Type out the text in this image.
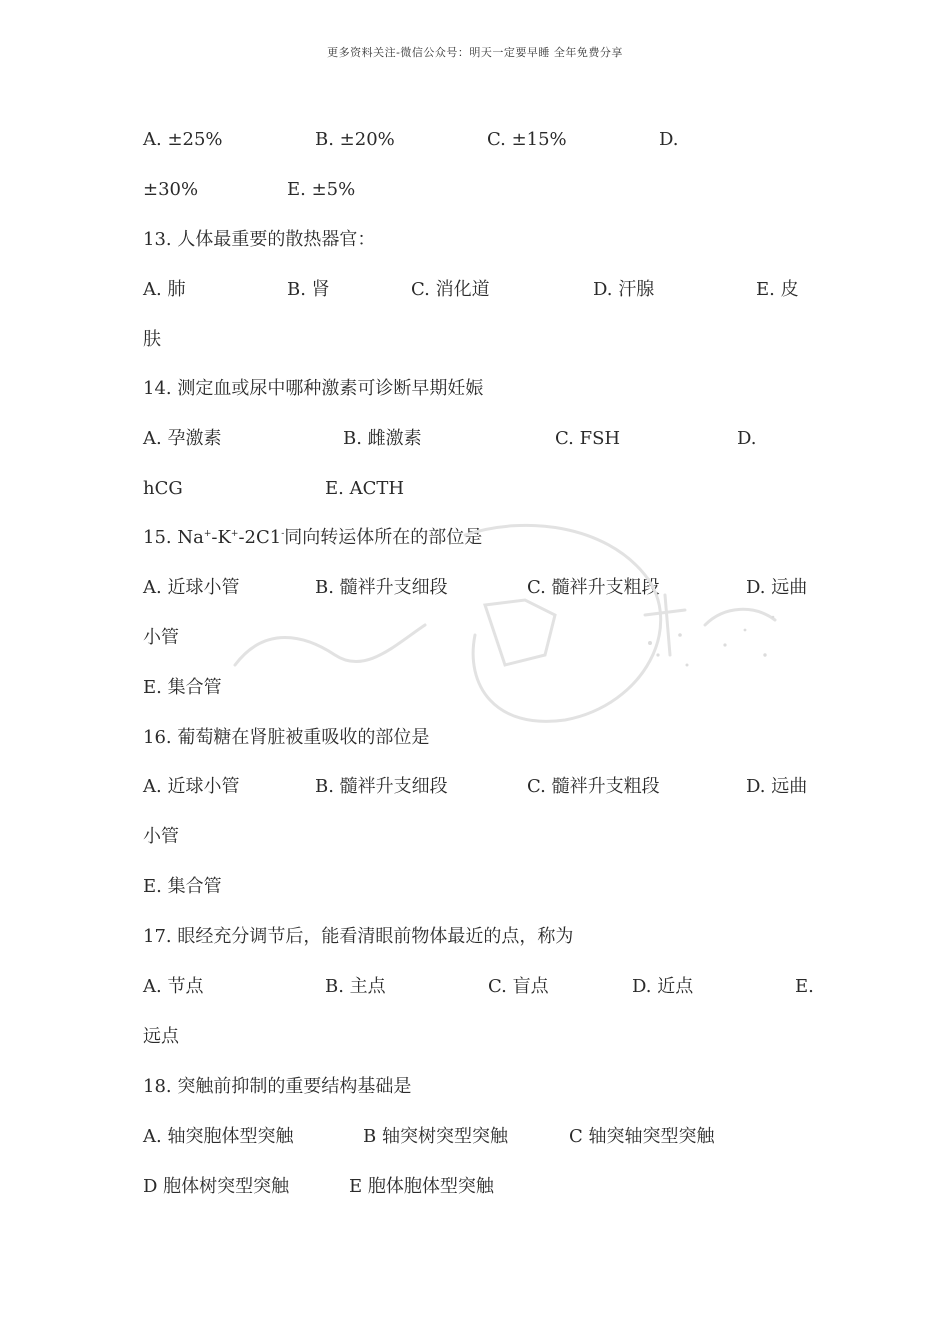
更多资料关注-微信公众号：明天一定要早睡 全年免费分享
A. ±25%	B. ±20%	C. ±15%	D.
±30%	E. ±5%
13. 人体最重要的散热器官：
A. 肺	B. 肾	C. 消化道	D. 汗腺	E. 皮
肤
14. 测定血或尿中哪种激素可诊断早期妊娠
A. 孕激素	B. 雌激素	C. FSH	D.
hCG	E. ACTH
15. Na+-K+-2C1-同向转运体所在的部位是
A. 近球小管	B. 髓袢升支细段	C. 髓袢升支粗段	D. 远曲
小管
E. 集合管
16. 葡萄糖在肾脏被重吸收的部位是
A. 近球小管	B. 髓袢升支细段	C. 髓袢升支粗段	D. 远曲
小管
E. 集合管
17. 眼经充分调节后，能看清眼前物体最近的点，称为
A. 节点	B. 主点	C. 盲点	D. 近点	E.
远点
18. 突触前抑制的重要结构基础是
A. 轴突胞体型突触	B 轴突树突型突触	C 轴突轴突型突触
D 胞体树突型突触	E 胞体胞体型突触
